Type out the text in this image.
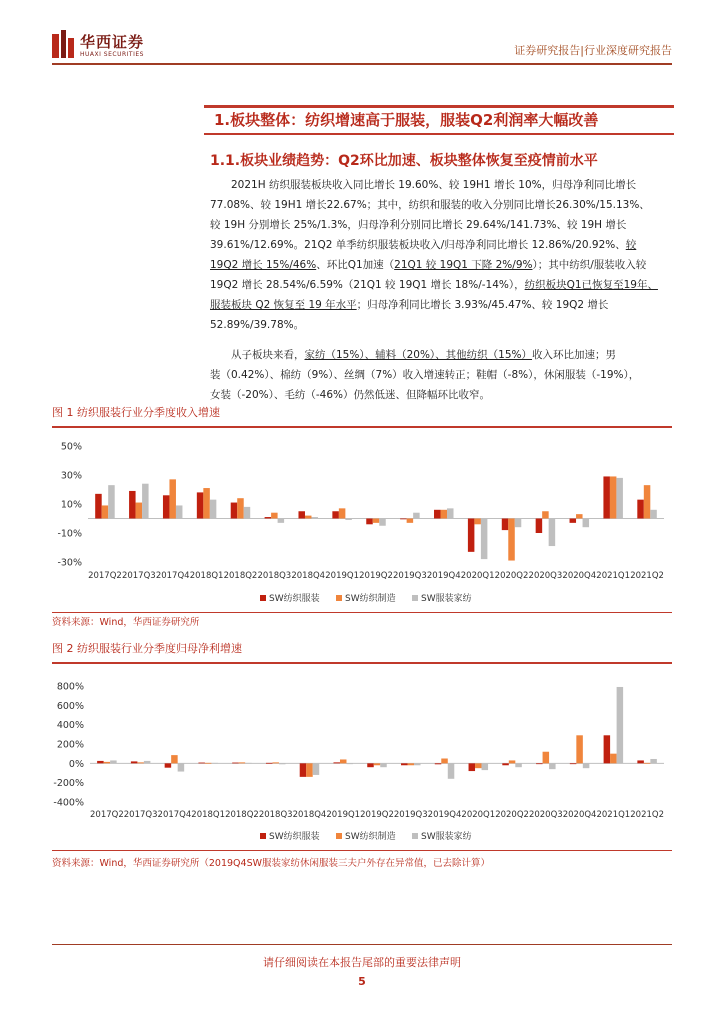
华西证券
HUAXI SECURITIES	证券研究报告|行业深度研究报告
1.板块整体：纺织增速高于服装，服装Q2利润率大幅改善
1.1.板块业绩趋势：Q2环比加速、板块整体恢复至疫情前水平
2021H 纺织服装板块收入同比增长 19.60%、较 19H1 增长 10%，归母净利同比增长
77.08%、较 19H1 增长22.67%；其中，纺织和服装的收入分别同比增长26.30%/15.13%、
较 19H 分别增长 25%/1.3%，归母净利分别同比增长 29.64%/141.73%、较 19H 增长
39.61%/12.69%。21Q2 单季纺织服装板块收入/归母净利同比增长 12.86%/20.92%、较
19Q2 增长 15%/46%、环比Q1加速（21Q1 较 19Q1 下降 2%/9%）；其中纺织/服装收入较
19Q2 增长 28.54%/6.59%（21Q1 较 19Q1 增长 18%/-14%），纺织板块Q1已恢复至19年、
服装板块 Q2 恢复至 19 年水平；归母净利同比增长 3.93%/45.47%、较 19Q2 增长
52.89%/39.78%。
从子板块来看，家纺（15%）、辅料（20%）、其他纺织（15%）收入环比加速；男
装（0.42%）、棉纺（9%）、丝绸（7%）收入增速转正；鞋帽（-8%），休闲服装（-19%），
女装（-20%）、毛纺（-46%）仍然低迷、但降幅环比收窄。
图 1 纺织服装行业分季度收入增速
-30%
-10%
10%
30%
50%
2017Q2 2017Q3 2017Q4 2018Q1 2018Q2 2018Q3 2018Q4 2019Q1 2019Q2 2019Q3 2019Q4 2020Q1 2020Q2 2020Q3 2020Q4 2021Q1 2021Q2
SW纺织服装	SW纺织制造	SW服装家纺
资料来源：Wind，华西证券研究所
图 2 纺织服装行业分季度归母净利增速
-400%
-200%
0%
200%
400%
600%
800%
2017Q2 2017Q3 2017Q4 2018Q1 2018Q2 2018Q3 2018Q4 2019Q1 2019Q2 2019Q3 2019Q4 2020Q1 2020Q2 2020Q3 2020Q4 2021Q1 2021Q2
SW纺织服装	SW纺织制造	SW服装家纺
资料来源：Wind，华西证券研究所（2019Q4SW服装家纺休闲服装三夫户外存在异常值，已去除计算）
请仔细阅读在本报告尾部的重要法律声明
5
